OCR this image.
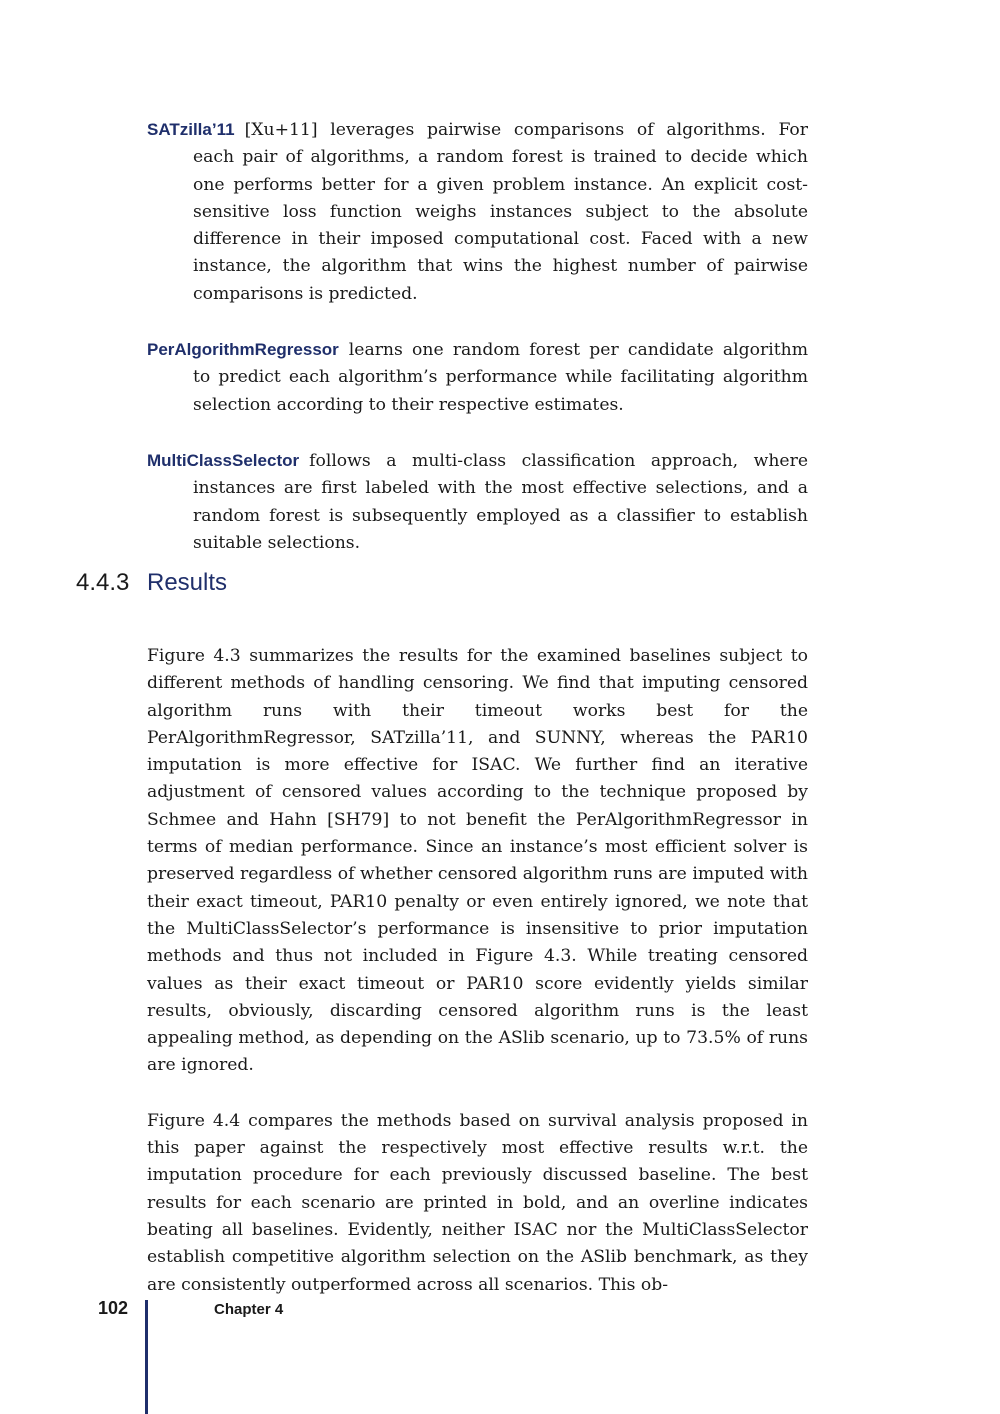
SATzilla’11 [Xu+11] leverages pairwise comparisons of algorithms. For each pair of algorithms, a random forest is trained to decide which one performs better for a given problem instance. An explicit cost-sensitive loss function weighs instances subject to the absolute difference in their imposed computational cost. Faced with a new instance, the algorithm that wins the highest number of pairwise comparisons is predicted.

PerAlgorithmRegressor learns one random forest per candidate algorithm to predict each algorithm’s performance while facilitating algorithm selection according to their respective estimates.

MultiClassSelector follows a multi-class classification approach, where instances are first labeled with the most effective selections, and a random forest is subsequently employed as a classifier to establish suitable selections.

4.4.3 Results

Figure 4.3 summarizes the results for the examined baselines subject to different methods of handling censoring. We find that imputing censored algorithm runs with their timeout works best for the PerAlgorithmRegressor, SATzilla’11, and SUNNY, whereas the PAR10 imputation is more effective for ISAC. We further find an iterative adjustment of censored values according to the technique proposed by Schmee and Hahn [SH79] to not benefit the PerAlgorithmRegressor in terms of median performance. Since an instance’s most efficient solver is preserved regardless of whether censored algorithm runs are imputed with their exact timeout, PAR10 penalty or even entirely ignored, we note that the MultiClassSelector’s performance is insensitive to prior imputation methods and thus not included in Figure 4.3. While treating censored values as their exact timeout or PAR10 score evidently yields similar results, obviously, discarding censored algorithm runs is the least appealing method, as depending on the ASlib scenario, up to 73.5% of runs are ignored.

Figure 4.4 compares the methods based on survival analysis proposed in this paper against the respectively most effective results w.r.t. the imputation procedure for each previously discussed baseline. The best results for each scenario are printed in bold, and an overline indicates beating all baselines. Evidently, neither ISAC nor the MultiClassSelector establish competitive algorithm selection on the ASlib benchmark, as they are consistently outperformed across all scenarios. This ob-

102	Chapter 4
